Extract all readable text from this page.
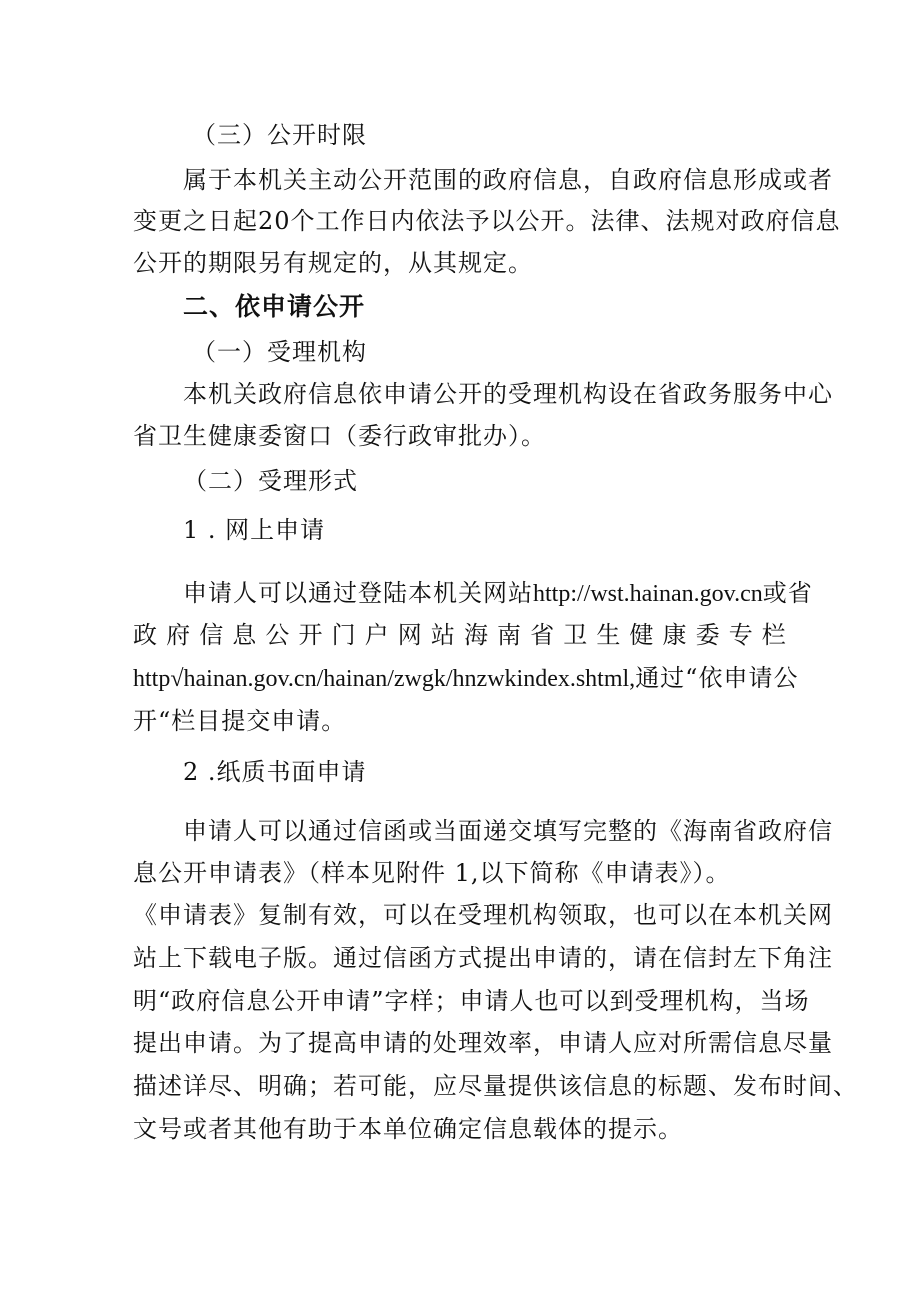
（三）公开时限
属于本机关主动公开范围的政府信息，自政府信息形成或者
变更之日起20个工作日内依法予以公开。法律、法规对政府信息
公开的期限另有规定的，从其规定。
二、依申请公开
（一）受理机构
本机关政府信息依申请公开的受理机构设在省政务服务中心
省卫生健康委窗口（委行政审批办）。
（二）受理形式
1 . 网上申请
申请人可以通过登陆本机关网站http://wst.hainan.gov.cn或省
政 府 信 息 公 开 门 户 网 站 海 南 省 卫 生 健 康 委 专 栏
http√hainan.gov.cn/hainan/zwgk/hnzwkindex.shtml,通过“依申请公
开“栏目提交申请。
2 .纸质书面申请
申请人可以通过信函或当面递交填写完整的《海南省政府信
息公开申请表》（样本见附件 1,以下简称《申请表》）。
《申请表》复制有效，可以在受理机构领取，也可以在本机关网
站上下载电子版。通过信函方式提出申请的，请在信封左下角注
明“政府信息公开申请”字样；申请人也可以到受理机构，当场
提出申请。为了提高申请的处理效率，申请人应对所需信息尽量
描述详尽、明确；若可能，应尽量提供该信息的标题、发布时间、
文号或者其他有助于本单位确定信息载体的提示。
